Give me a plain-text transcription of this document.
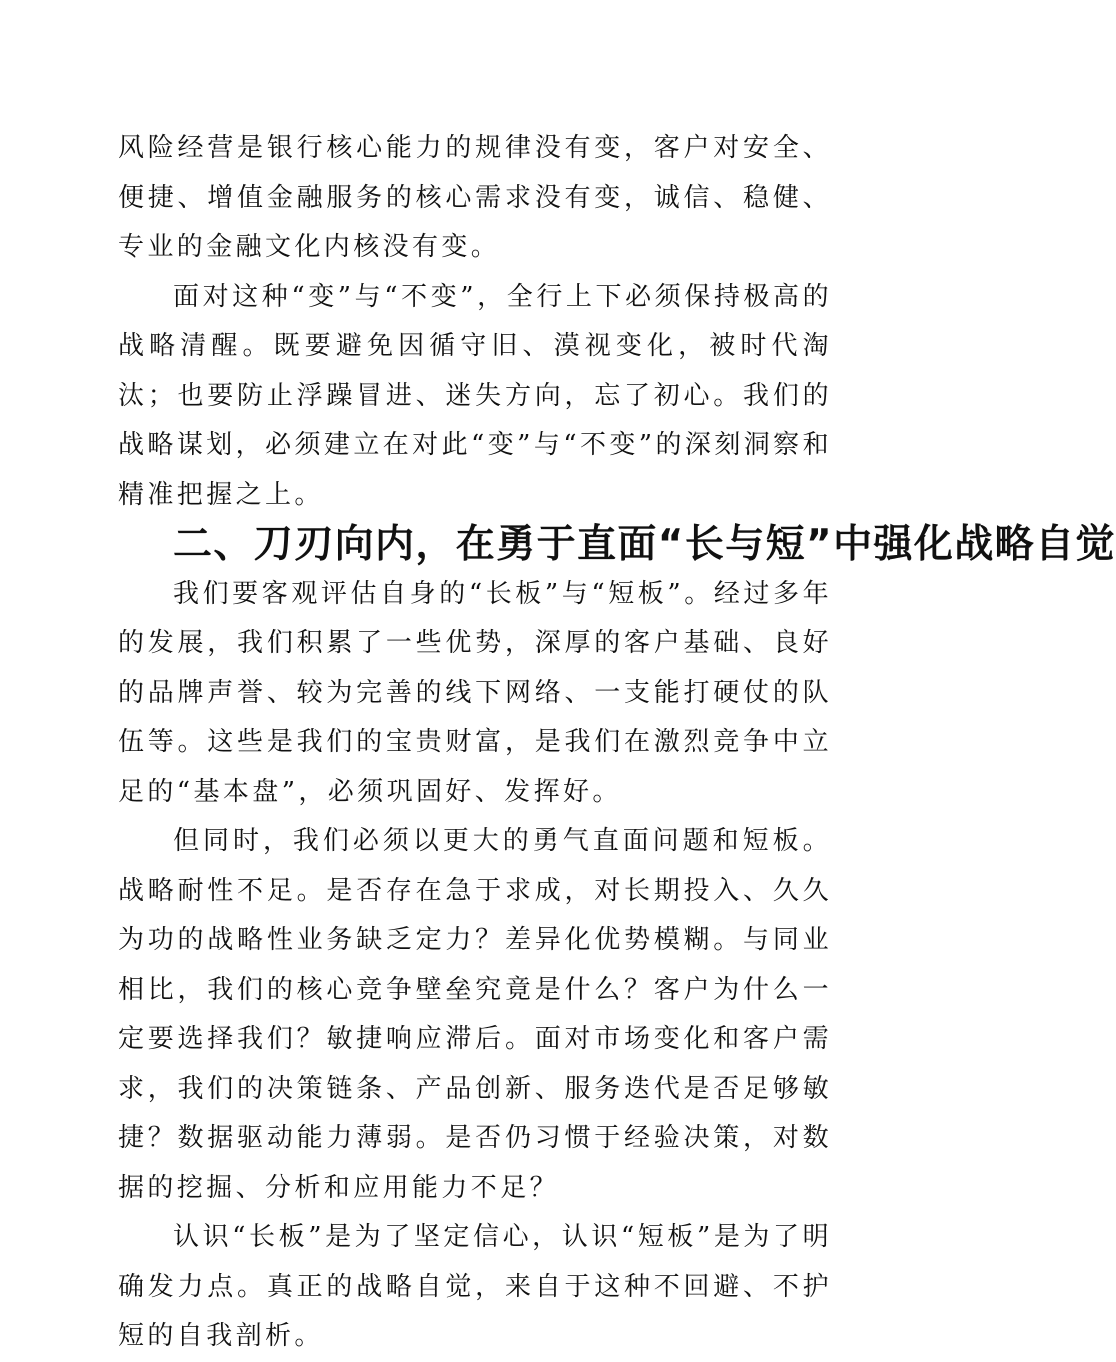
风险经营是银行核心能力的规律没有变，客户对安全、便捷、增值金融服务的核心需求没有变，诚信、稳健、专业的金融文化内核没有变。

面对这种“变”与“不变”，全行上下必须保持极高的战略清醒。既要避免因循守旧、漠视变化，被时代淘汰；也要防止浮躁冒进、迷失方向，忘了初心。我们的战略谋划，必须建立在对此“变”与“不变”的深刻洞察和精准把握之上。

二、刀刃向内，在勇于直面“长与短”中强化战略自觉

我们要客观评估自身的“长板”与“短板”。经过多年的发展，我们积累了一些优势，深厚的客户基础、良好的品牌声誉、较为完善的线下网络、一支能打硬仗的队伍等。这些是我们的宝贵财富，是我们在激烈竞争中立足的“基本盘”，必须巩固好、发挥好。

但同时，我们必须以更大的勇气直面问题和短板。战略耐性不足。是否存在急于求成，对长期投入、久久为功的战略性业务缺乏定力？差异化优势模糊。与同业相比，我们的核心竞争壁垒究竟是什么？客户为什么一定要选择我们？敏捷响应滞后。面对市场变化和客户需求，我们的决策链条、产品创新、服务迭代是否足够敏捷？数据驱动能力薄弱。是否仍习惯于经验决策，对数据的挖掘、分析和应用能力不足？

认识“长板”是为了坚定信心，认识“短板”是为了明确发力点。真正的战略自觉，来自于这种不回避、不护短的自我剖析。
